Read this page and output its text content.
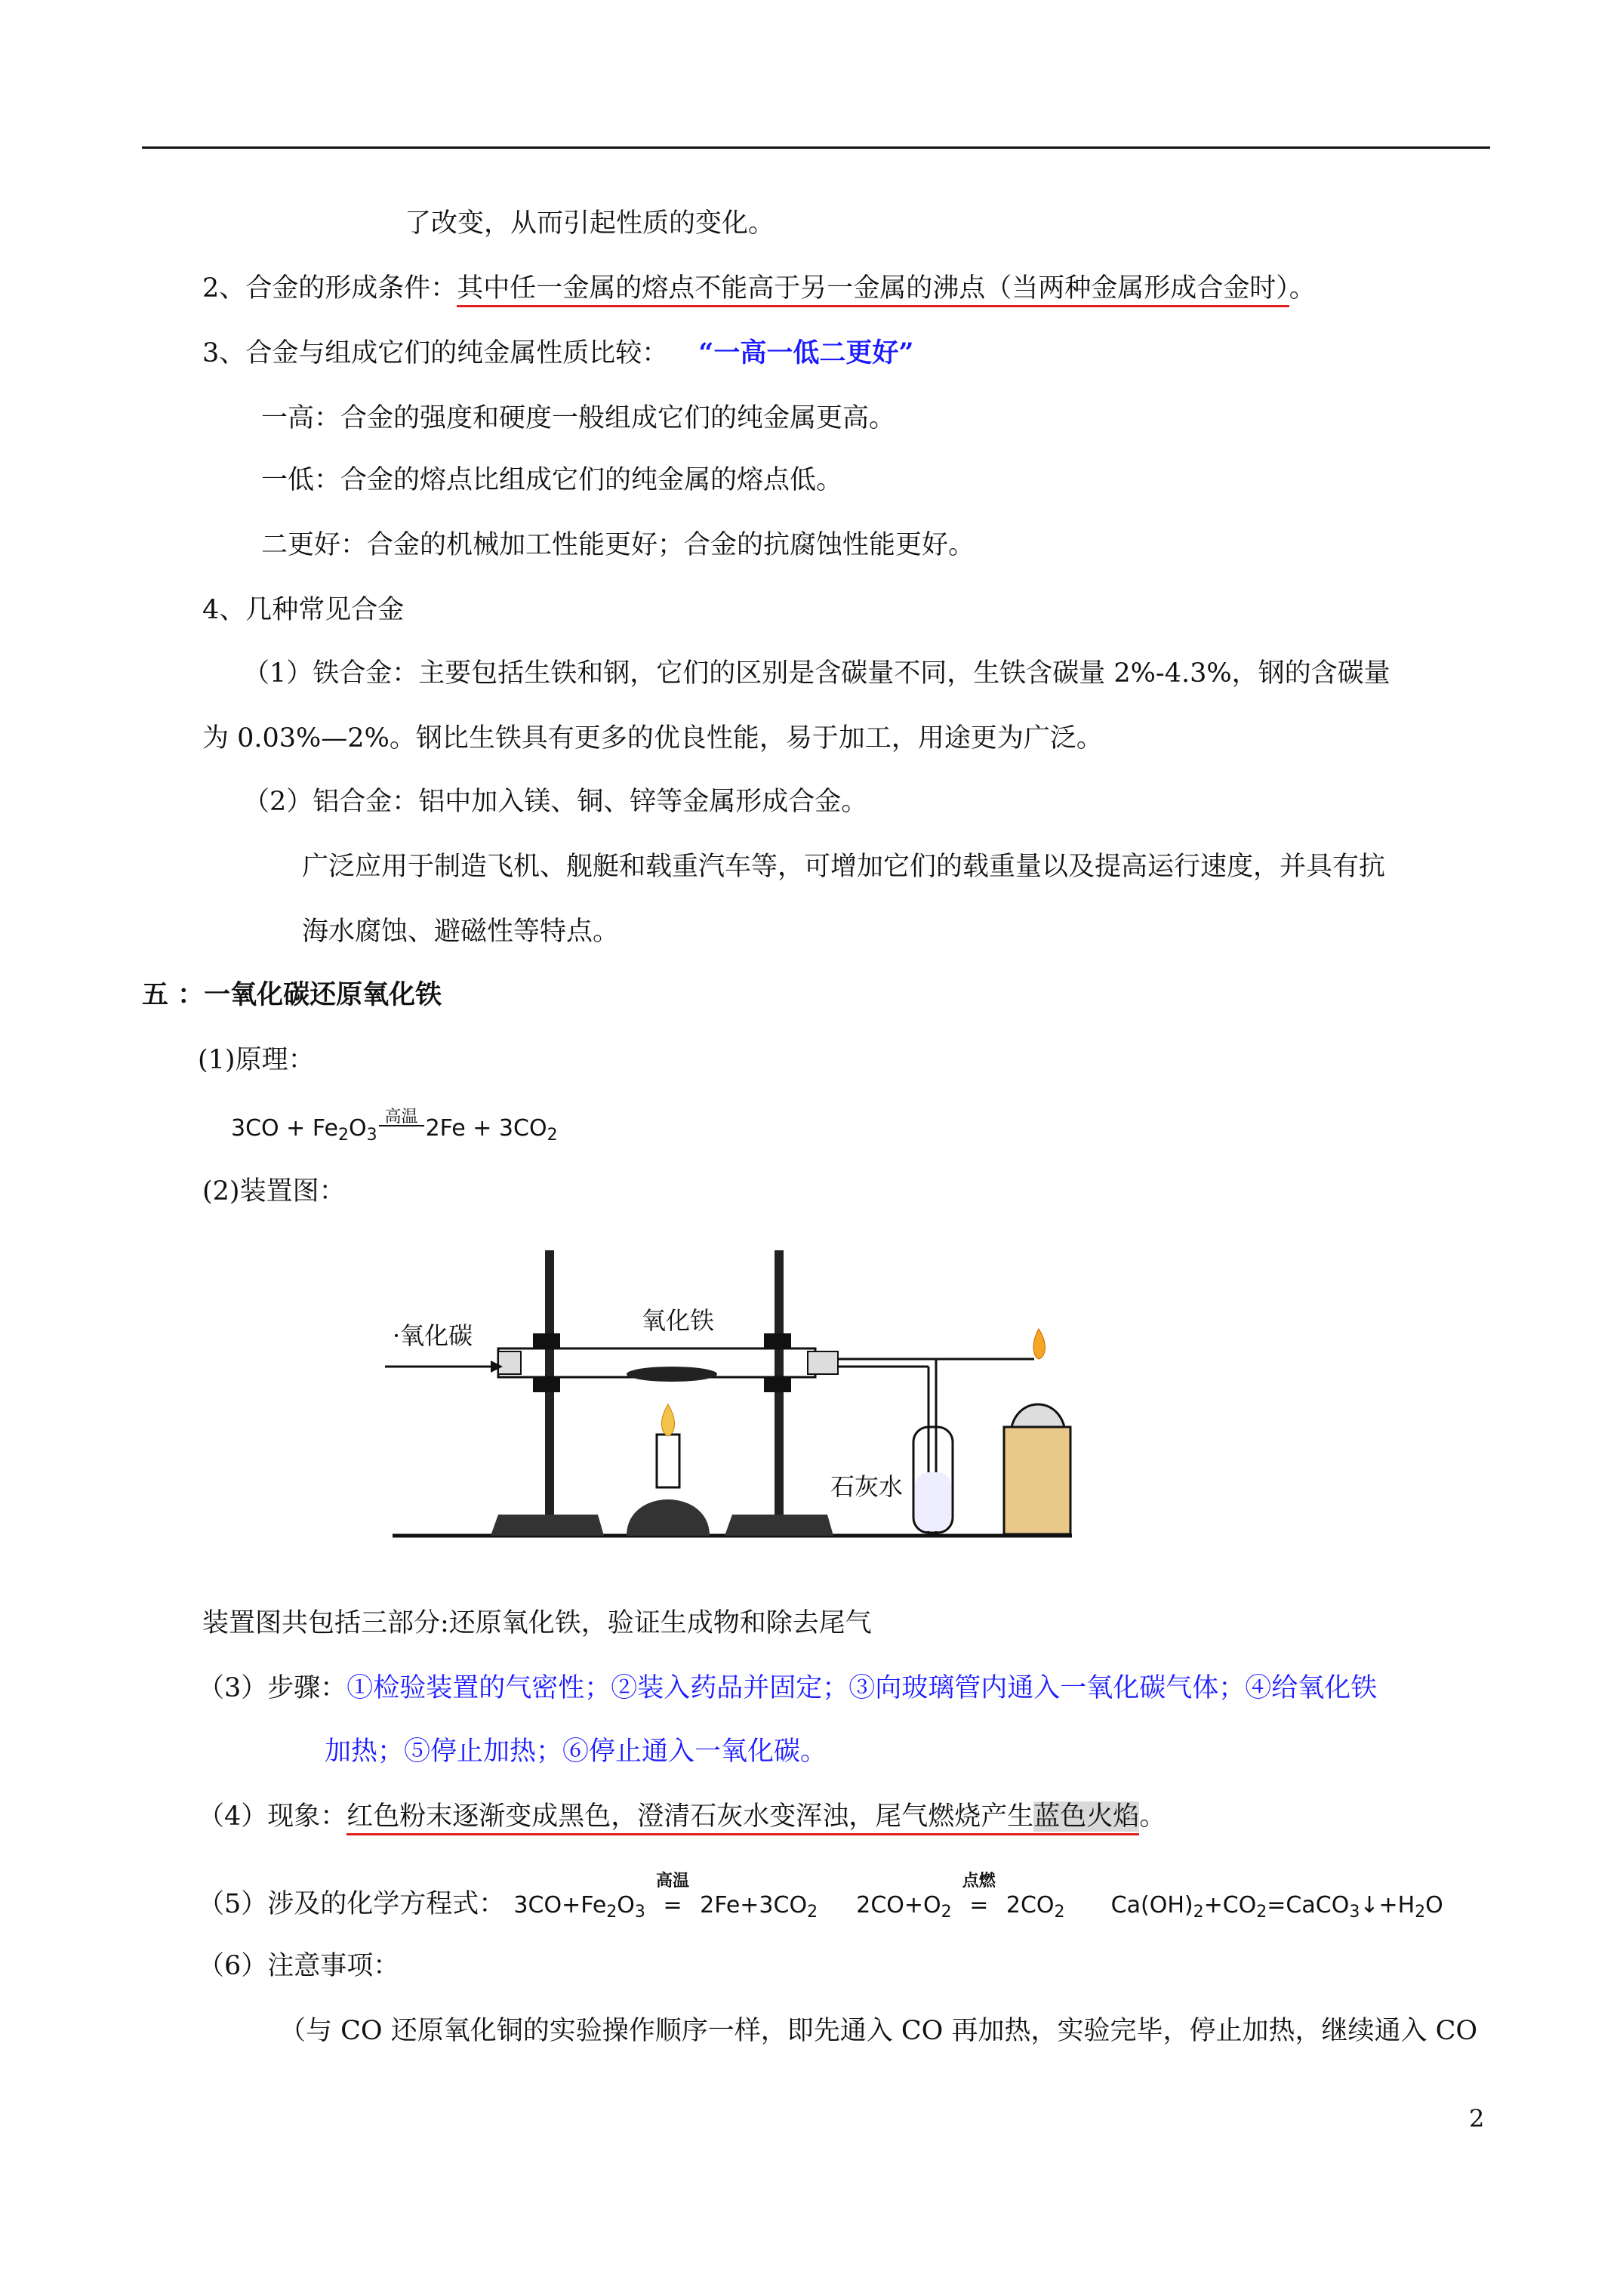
了改变，从而引起性质的变化。
2、合金的形成条件：其中任一金属的熔点不能高于另一金属的沸点（当两种金属形成合金时）。
3、合金与组成它们的纯金属性质比较： “一高一低二更好”
一高：合金的强度和硬度一般组成它们的纯金属更高。
一低：合金的熔点比组成它们的纯金属的熔点低。
二更好：合金的机械加工性能更好；合金的抗腐蚀性能更好。
4、几种常见合金
（1）铁合金：主要包括生铁和钢，它们的区别是含碳量不同，生铁含碳量 2%-4.3%，钢的含碳量
为 0.03%—2%。钢比生铁具有更多的优良性能，易于加工，用途更为广泛。
（2）铝合金：铝中加入镁、铜、锌等金属形成合金。
广泛应用于制造飞机、舰艇和载重汽车等，可增加它们的载重量以及提高运行速度，并具有抗
海水腐蚀、避磁性等特点。
五 ：一氧化碳还原氧化铁
(1)原理：
$3CO + Fe_2O_3$
高温 $2Fe + 3CO_2$
(2)装置图：
·氧化碳
氧化铁
石灰水
装置图共包括三部分:还原氧化铁，验证生成物和除去尾气
（3）步骤：①检验装置的气密性；②装入药品并固定；③向玻璃管内通入一氧化碳气体；④给氧化铁
加热；⑤停止加热；⑥停止通入一氧化碳。
（4）现象：红色粉末逐渐变成黑色，澄清石灰水变浑浊，尾气燃烧产生蓝色火焰。
（5）涉及的化学方程式： $3CO+Fe_2O_3$
高温
= $2Fe+3CO_2$ $2CO+O_2$
点燃
= $2CO_2$ $Ca(OH)_2+CO_2=CaCO_3↓+H_2O$
（6）注意事项：
（与 CO 还原氧化铜的实验操作顺序一样，即先通入 CO 再加热，实验完毕，停止加热，继续通入 CO
2
